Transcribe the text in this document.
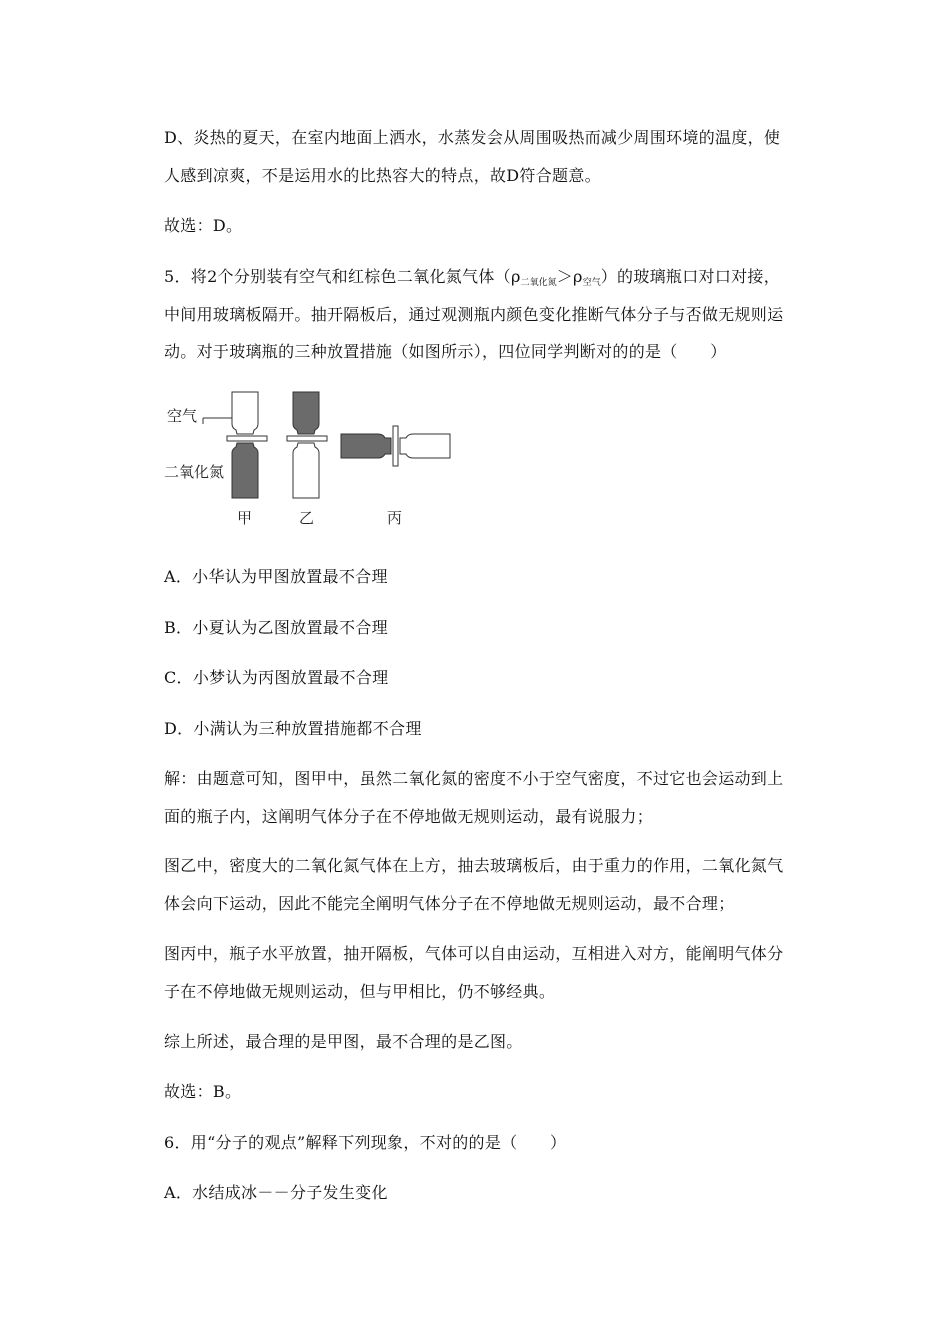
D、炎热的夏天，在室内地面上洒水，水蒸发会从周围吸热而减少周围环境的温度，使
人感到凉爽，不是运用水的比热容大的特点，故D符合题意。
故选：D。
5．将2个分别装有空气和红棕色二氧化氮气体$(\rho_{二氧化氮}>\rho_{空气})$的玻璃瓶口对口对接，
中间用玻璃板隔开。抽开隔板后，通过观测瓶内颜色变化推断气体分子与否做无规则运
动。对于玻璃瓶的三种放置措施（如图所示），四位同学判断对的的是（　　）
空气
二氧化氮
甲	乙	丙
A．小华认为甲图放置最不合理
B．小夏认为乙图放置最不合理
C．小梦认为丙图放置最不合理
D．小满认为三种放置措施都不合理
解：由题意可知，图甲中，虽然二氧化氮的密度不小于空气密度，不过它也会运动到上
面的瓶子内，这阐明气体分子在不停地做无规则运动，最有说服力；
图乙中，密度大的二氧化氮气体在上方，抽去玻璃板后，由于重力的作用，二氧化氮气
体会向下运动，因此不能完全阐明气体分子在不停地做无规则运动，最不合理；
图丙中，瓶子水平放置，抽开隔板，气体可以自由运动，互相进入对方，能阐明气体分
子在不停地做无规则运动，但与甲相比，仍不够经典。
综上所述，最合理的是甲图，最不合理的是乙图。
故选：B。
6．用“分子的观点”解释下列现象，不对的的是（　　）
A．水结成冰－－分子发生变化
